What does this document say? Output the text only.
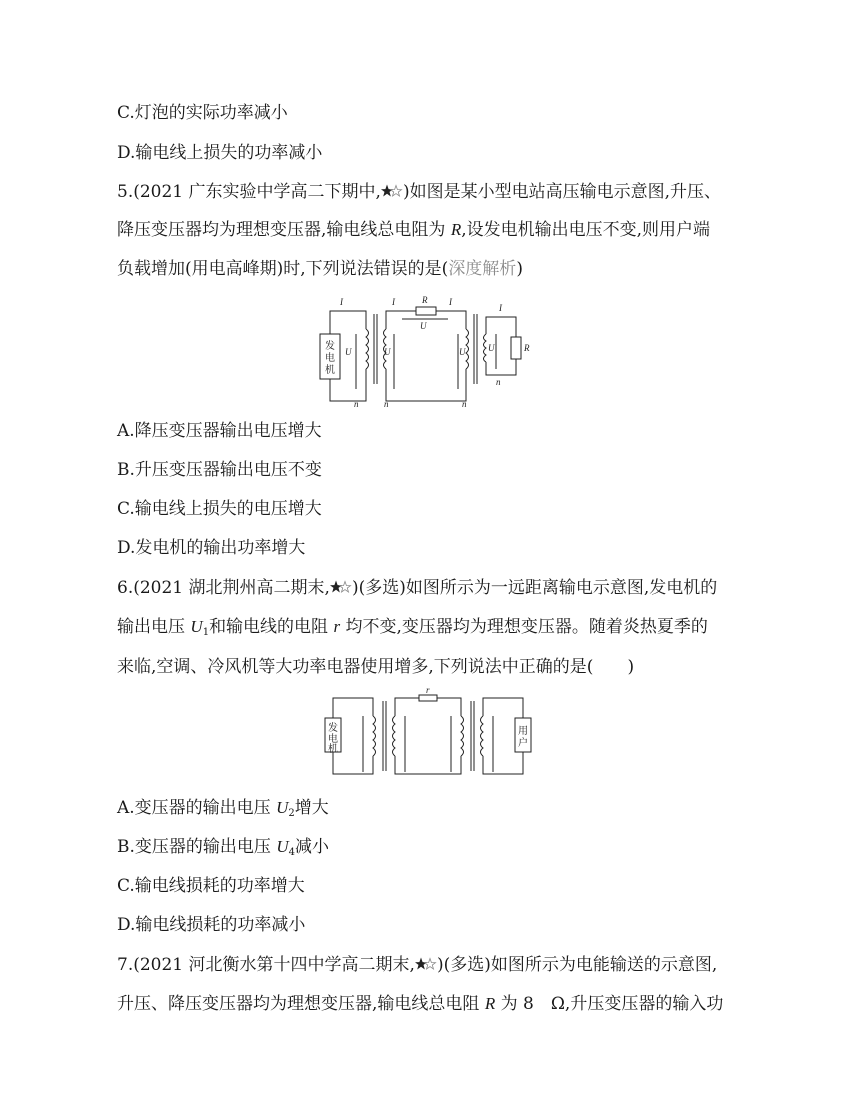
C.灯泡的实际功率减小
D.输电线上损失的功率减小
5.(2021 广东实验中学高二下期中, )如图是某小型电站高压输电示意图,升压、
降压变压器均为理想变压器,输电线总电阻为 R,设发电机输出电压不变,则用户端
负载增加(用电高峰期)时,下列说法错误的是(深度解析)
发
电
机
R
U
I	I	I
I
U	U	U	U
n	n	n
n
R
A.降压变压器输出电压增大
B.升压变压器输出电压不变
C.输电线上损失的电压增大
D.发电机的输出功率增大
6.(2021 湖北荆州高二期末, )(多选)如图所示为一远距离输电示意图,发电机的
输出电压 $U_1$和输电线的电阻 r 均不变,变压器均为理想变压器。随着炎热夏季的
来临,空调、冷风机等大功率电器使用增多,下列说法中正确的是(　　)
发
电
机
用
户
r
A.变压器的输出电压 $U_2$增大
B.变压器的输出电压 $U_4$减小
C.输电线损耗的功率增大
D.输电线损耗的功率减小
7.(2021 河北衡水第十四中学高二期末, )(多选)如图所示为电能输送的示意图,
升压、降压变压器均为理想变压器,输电线总电阻 R 为 8　Ω,升压变压器的输入功
